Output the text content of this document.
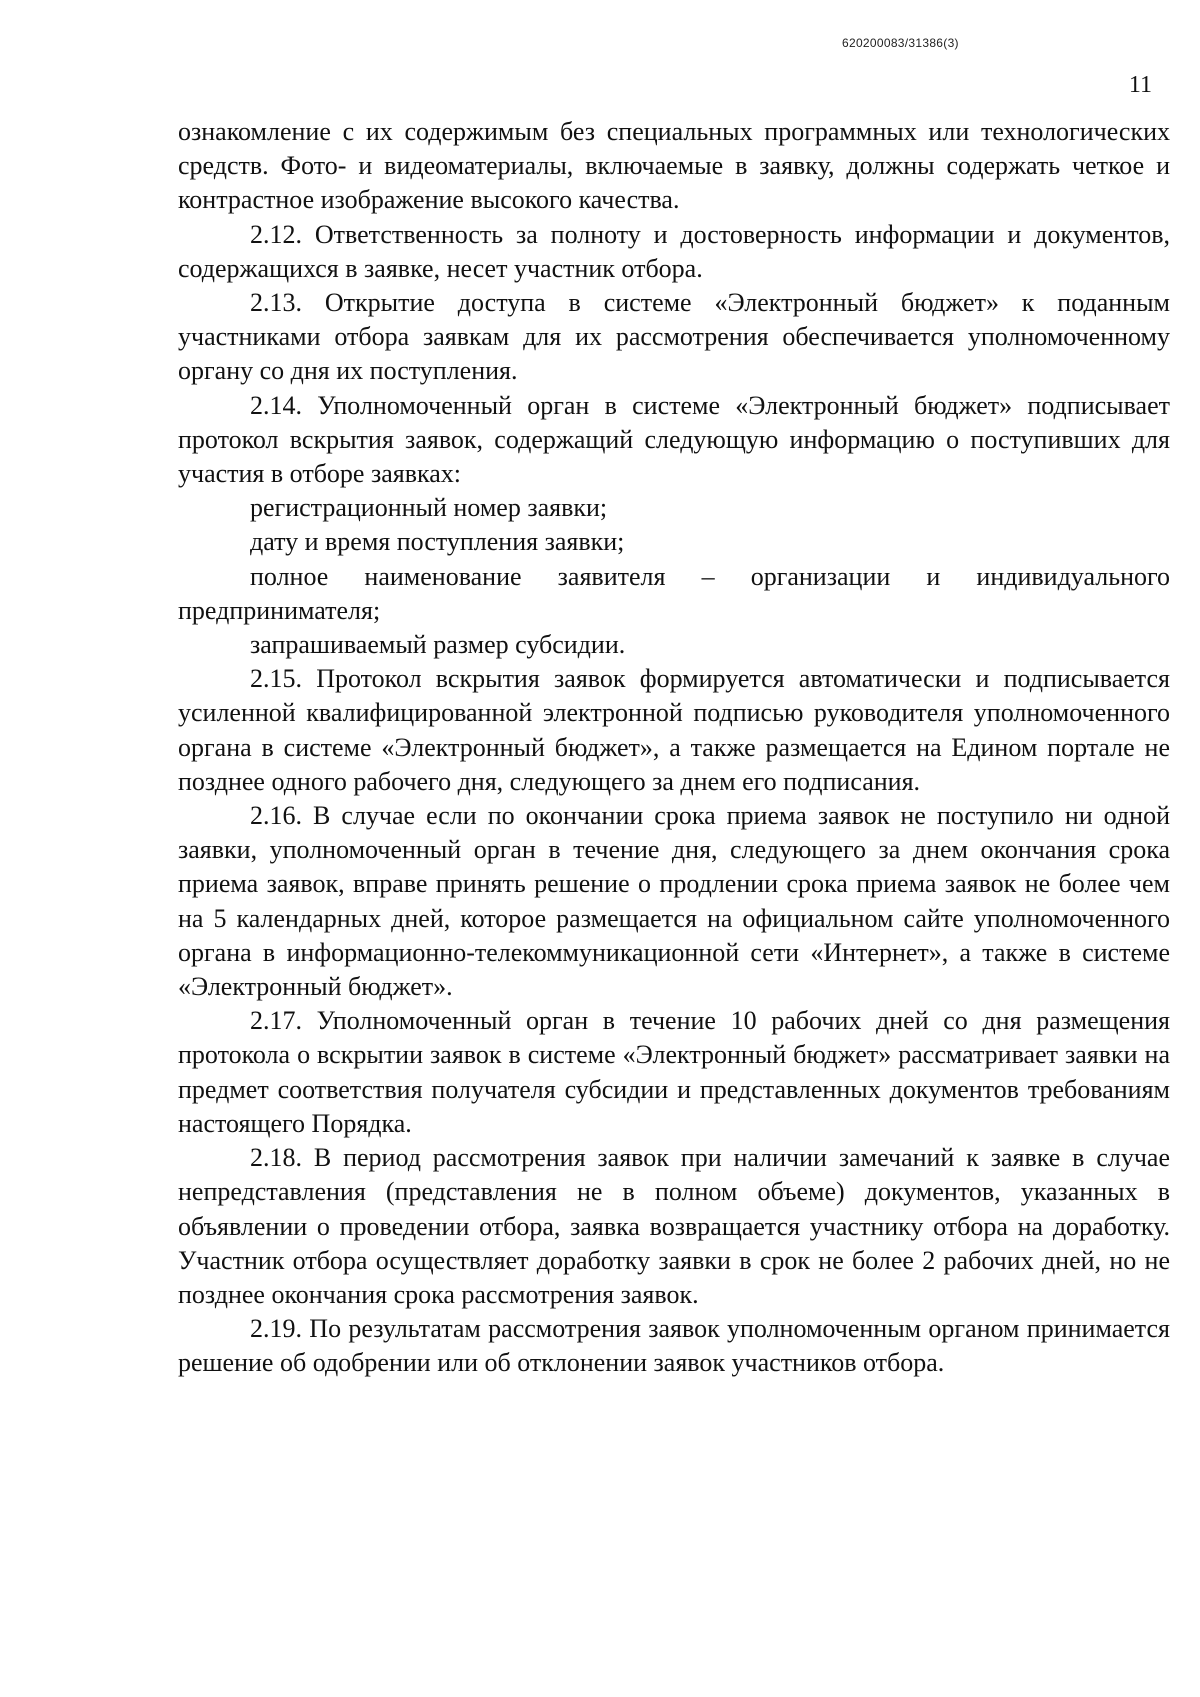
620200083/31386(3)
11

ознакомление с их содержимым без специальных программных или технологических средств. Фото- и видеоматериалы, включаемые в заявку, должны содержать четкое и контрастное изображение высокого качества.

2.12. Ответственность за полноту и достоверность информации и документов, содержащихся в заявке, несет участник отбора.

2.13. Открытие доступа в системе «Электронный бюджет» к поданным участниками отбора заявкам для их рассмотрения обеспечивается уполномоченному органу со дня их поступления.

2.14. Уполномоченный орган в системе «Электронный бюджет» подписывает протокол вскрытия заявок, содержащий следующую информацию о поступивших для участия в отборе заявках:

регистрационный номер заявки;

дату и время поступления заявки;

полное наименование заявителя – организации и индивидуального предпринимателя;

запрашиваемый размер субсидии.

2.15. Протокол вскрытия заявок формируется автоматически и подписывается усиленной квалифицированной электронной подписью руководителя уполномоченного органа в системе «Электронный бюджет», а также размещается на Едином портале не позднее одного рабочего дня, следующего за днем его подписания.

2.16. В случае если по окончании срока приема заявок не поступило ни одной заявки, уполномоченный орган в течение дня, следующего за днем окончания срока приема заявок, вправе принять решение о продлении срока приема заявок не более чем на 5 календарных дней, которое размещается на официальном сайте уполномоченного органа в информационно-телекоммуникационной сети «Интернет», а также в системе «Электронный бюджет».

2.17. Уполномоченный орган в течение 10 рабочих дней со дня размещения протокола о вскрытии заявок в системе «Электронный бюджет» рассматривает заявки на предмет соответствия получателя субсидии и представленных документов требованиям настоящего Порядка.

2.18. В период рассмотрения заявок при наличии замечаний к заявке в случае непредставления (представления не в полном объеме) документов, указанных в объявлении о проведении отбора, заявка возвращается участнику отбора на доработку. Участник отбора осуществляет доработку заявки в срок не более 2 рабочих дней, но не позднее окончания срока рассмотрения заявок.

2.19. По результатам рассмотрения заявок уполномоченным органом принимается решение об одобрении или об отклонении заявок участников отбора.
